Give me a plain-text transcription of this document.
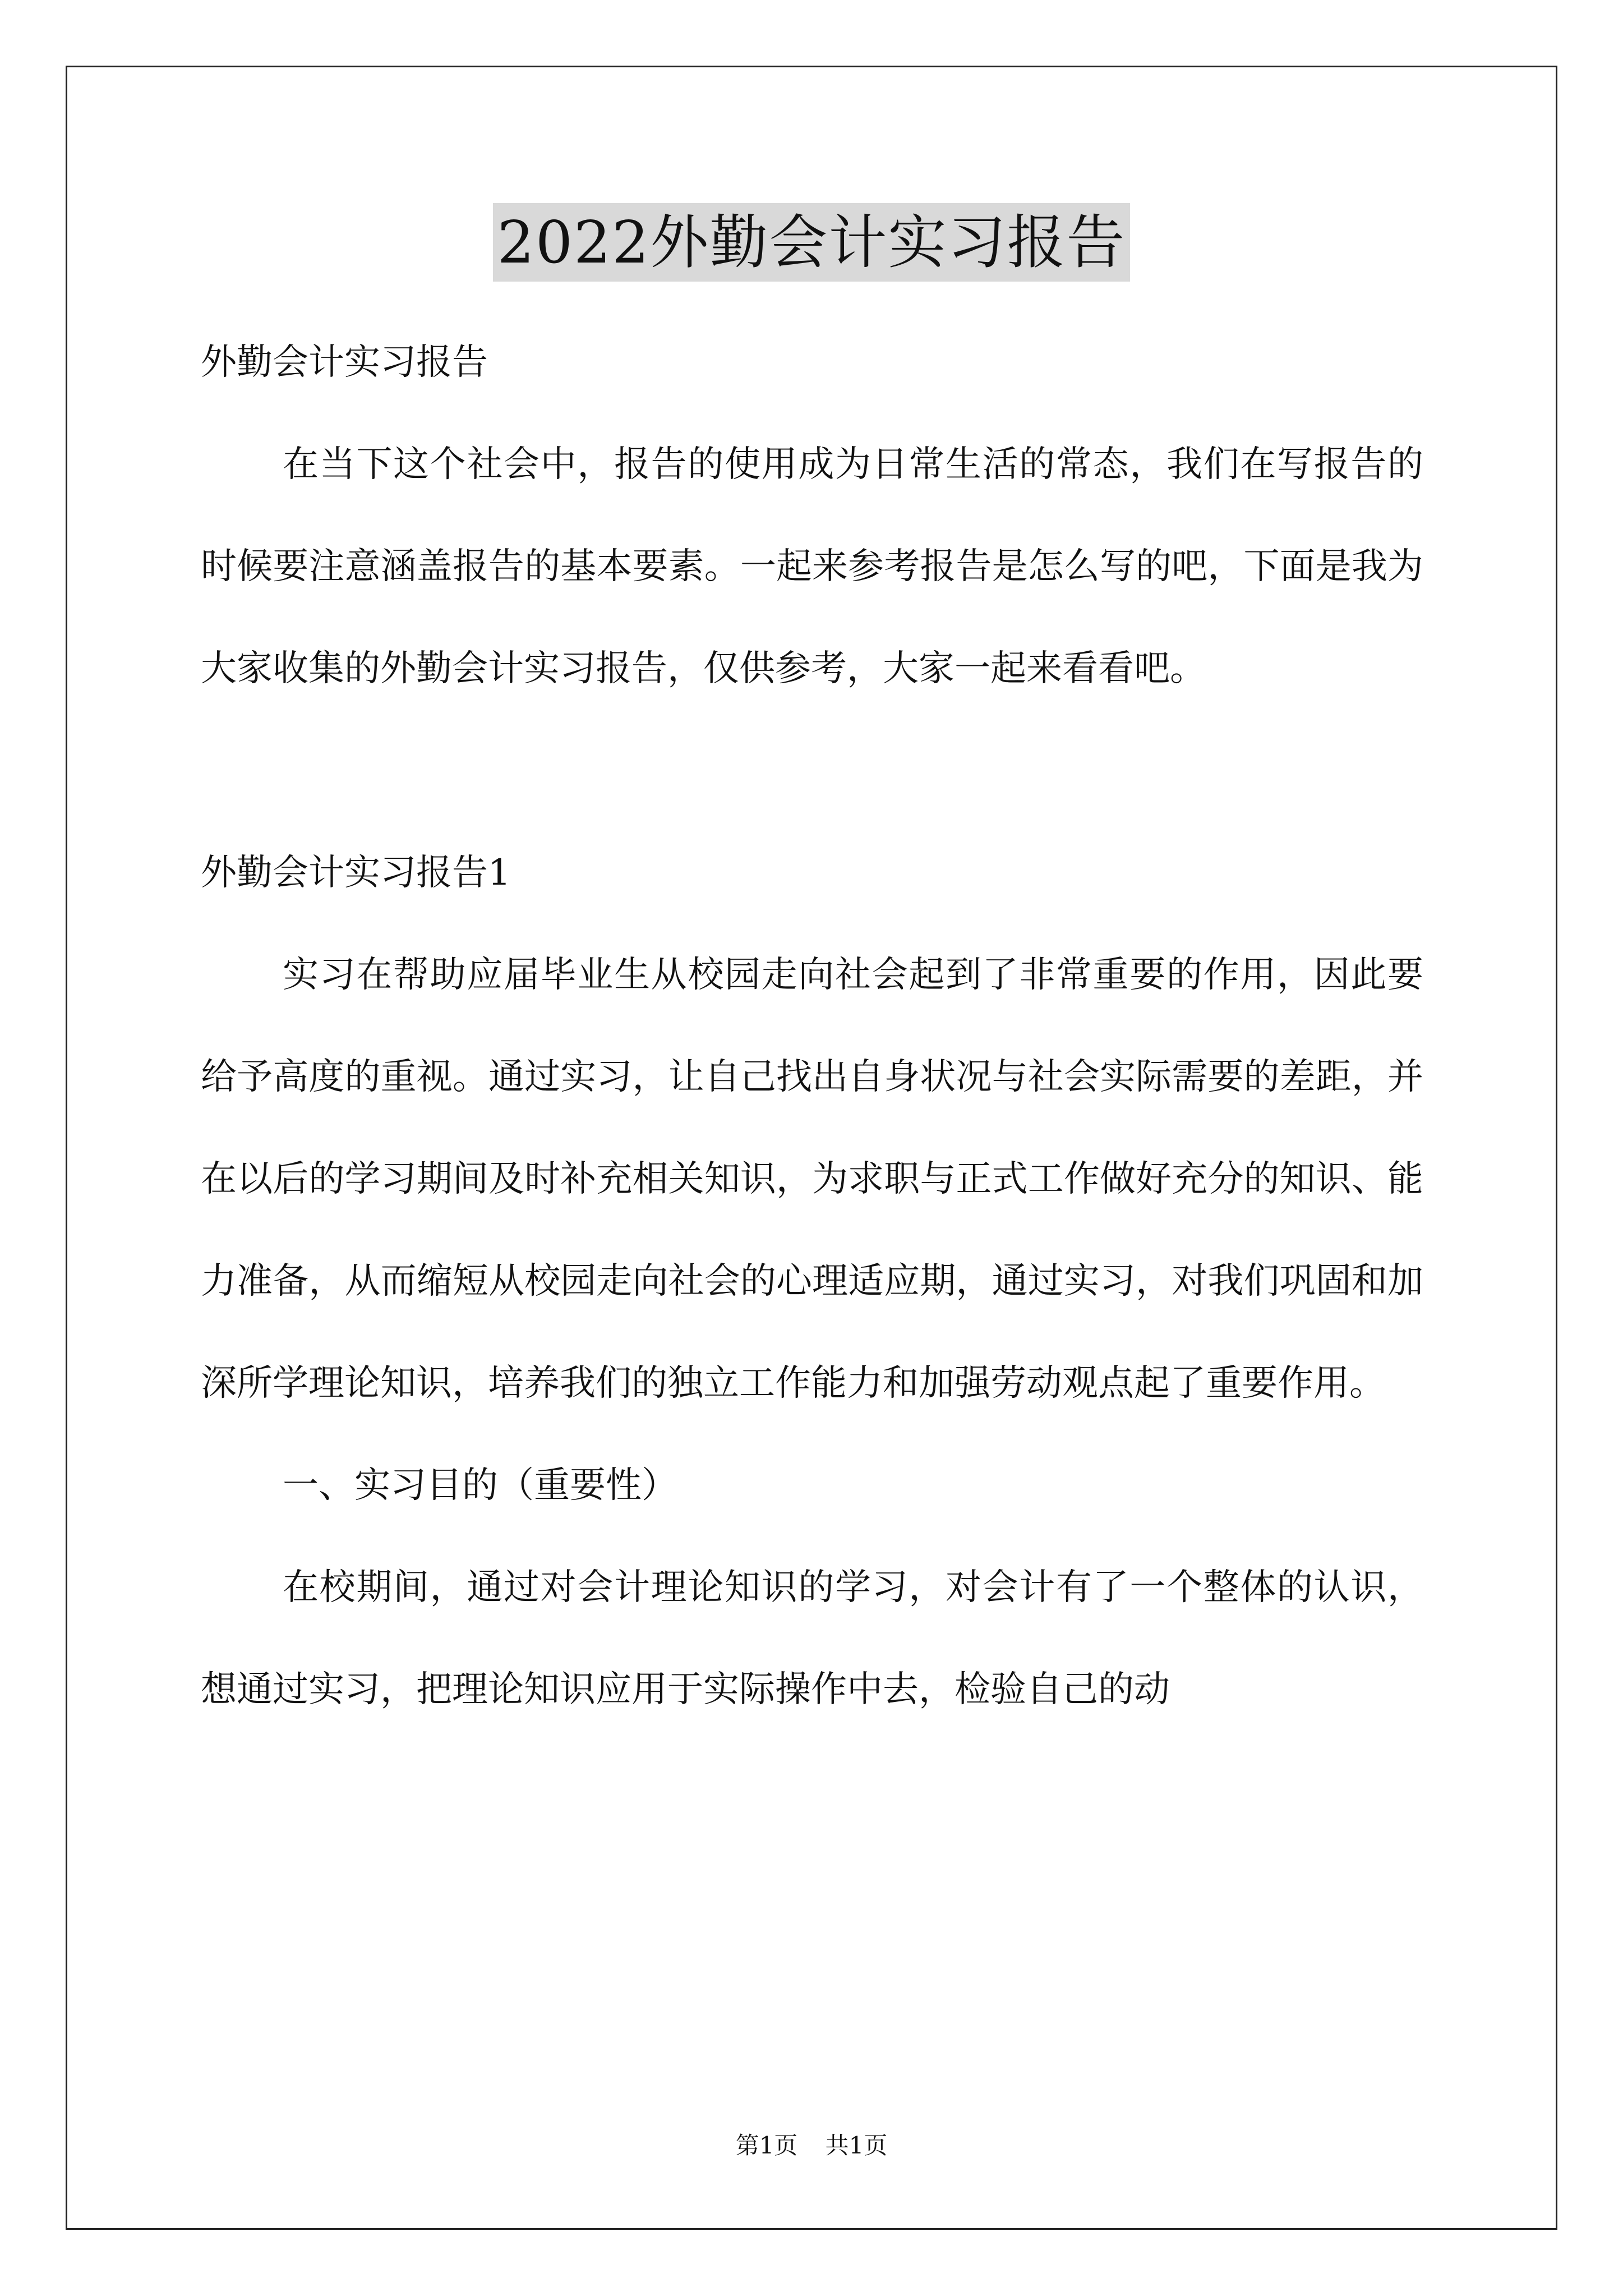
2022外勤会计实习报告

外勤会计实习报告

在当下这个社会中，报告的使用成为日常生活的常态，我们在写报告的时候要注意涵盖报告的基本要素。一起来参考报告是怎么写的吧，下面是我为大家收集的外勤会计实习报告，仅供参考，大家一起来看看吧。

外勤会计实习报告1

实习在帮助应届毕业生从校园走向社会起到了非常重要的作用，因此要给予高度的重视。通过实习，让自己找出自身状况与社会实际需要的差距，并在以后的学习期间及时补充相关知识，为求职与正式工作做好充分的知识、能力准备，从而缩短从校园走向社会的心理适应期，通过实习，对我们巩固和加深所学理论知识，培养我们的独立工作能力和加强劳动观点起了重要作用。

一、实习目的（重要性）

在校期间，通过对会计理论知识的学习，对会计有了一个整体的认识，想通过实习，把理论知识应用于实际操作中去，检验自己的动

第1页 共1页
